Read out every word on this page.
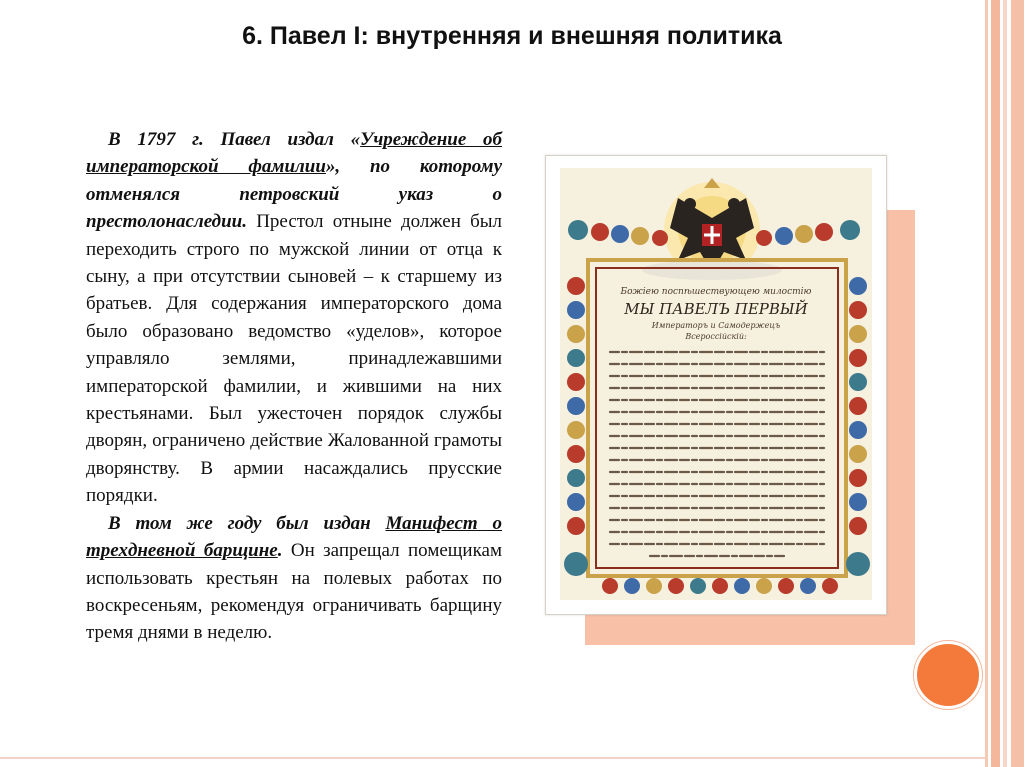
6. Павел I: внутренняя и внешняя политика

В 1797 г. Павел издал «Учреждение об императорской фамилии», по которому отменялся петровский указ о престолонаследии. Престол отныне должен был переходить строго по мужской линии от отца к сыну, а при отсутствии сыновей – к старшему из братьев. Для содержания императорского дома было образовано ведомство «уделов», которое управляло землями, принадлежавшими императорской фамилии, и жившими на них крестьянами. Был ужесточен порядок службы дворян, ограничено действие Жалованной грамоты дворянству. В армии насаждались прусские порядки.

В том же году был издан Манифест о трехдневной барщине. Он запрещал помещикам использовать крестьян на полевых работах по воскресеньям, рекомендуя ограничивать барщину тремя днями в неделю.

Божiею поспѣшествующею милостiю
МЫ ПАВЕЛЪ ПЕРВЫЙ
Императоръ и Самодержецъ
Всероссiйскiй:
